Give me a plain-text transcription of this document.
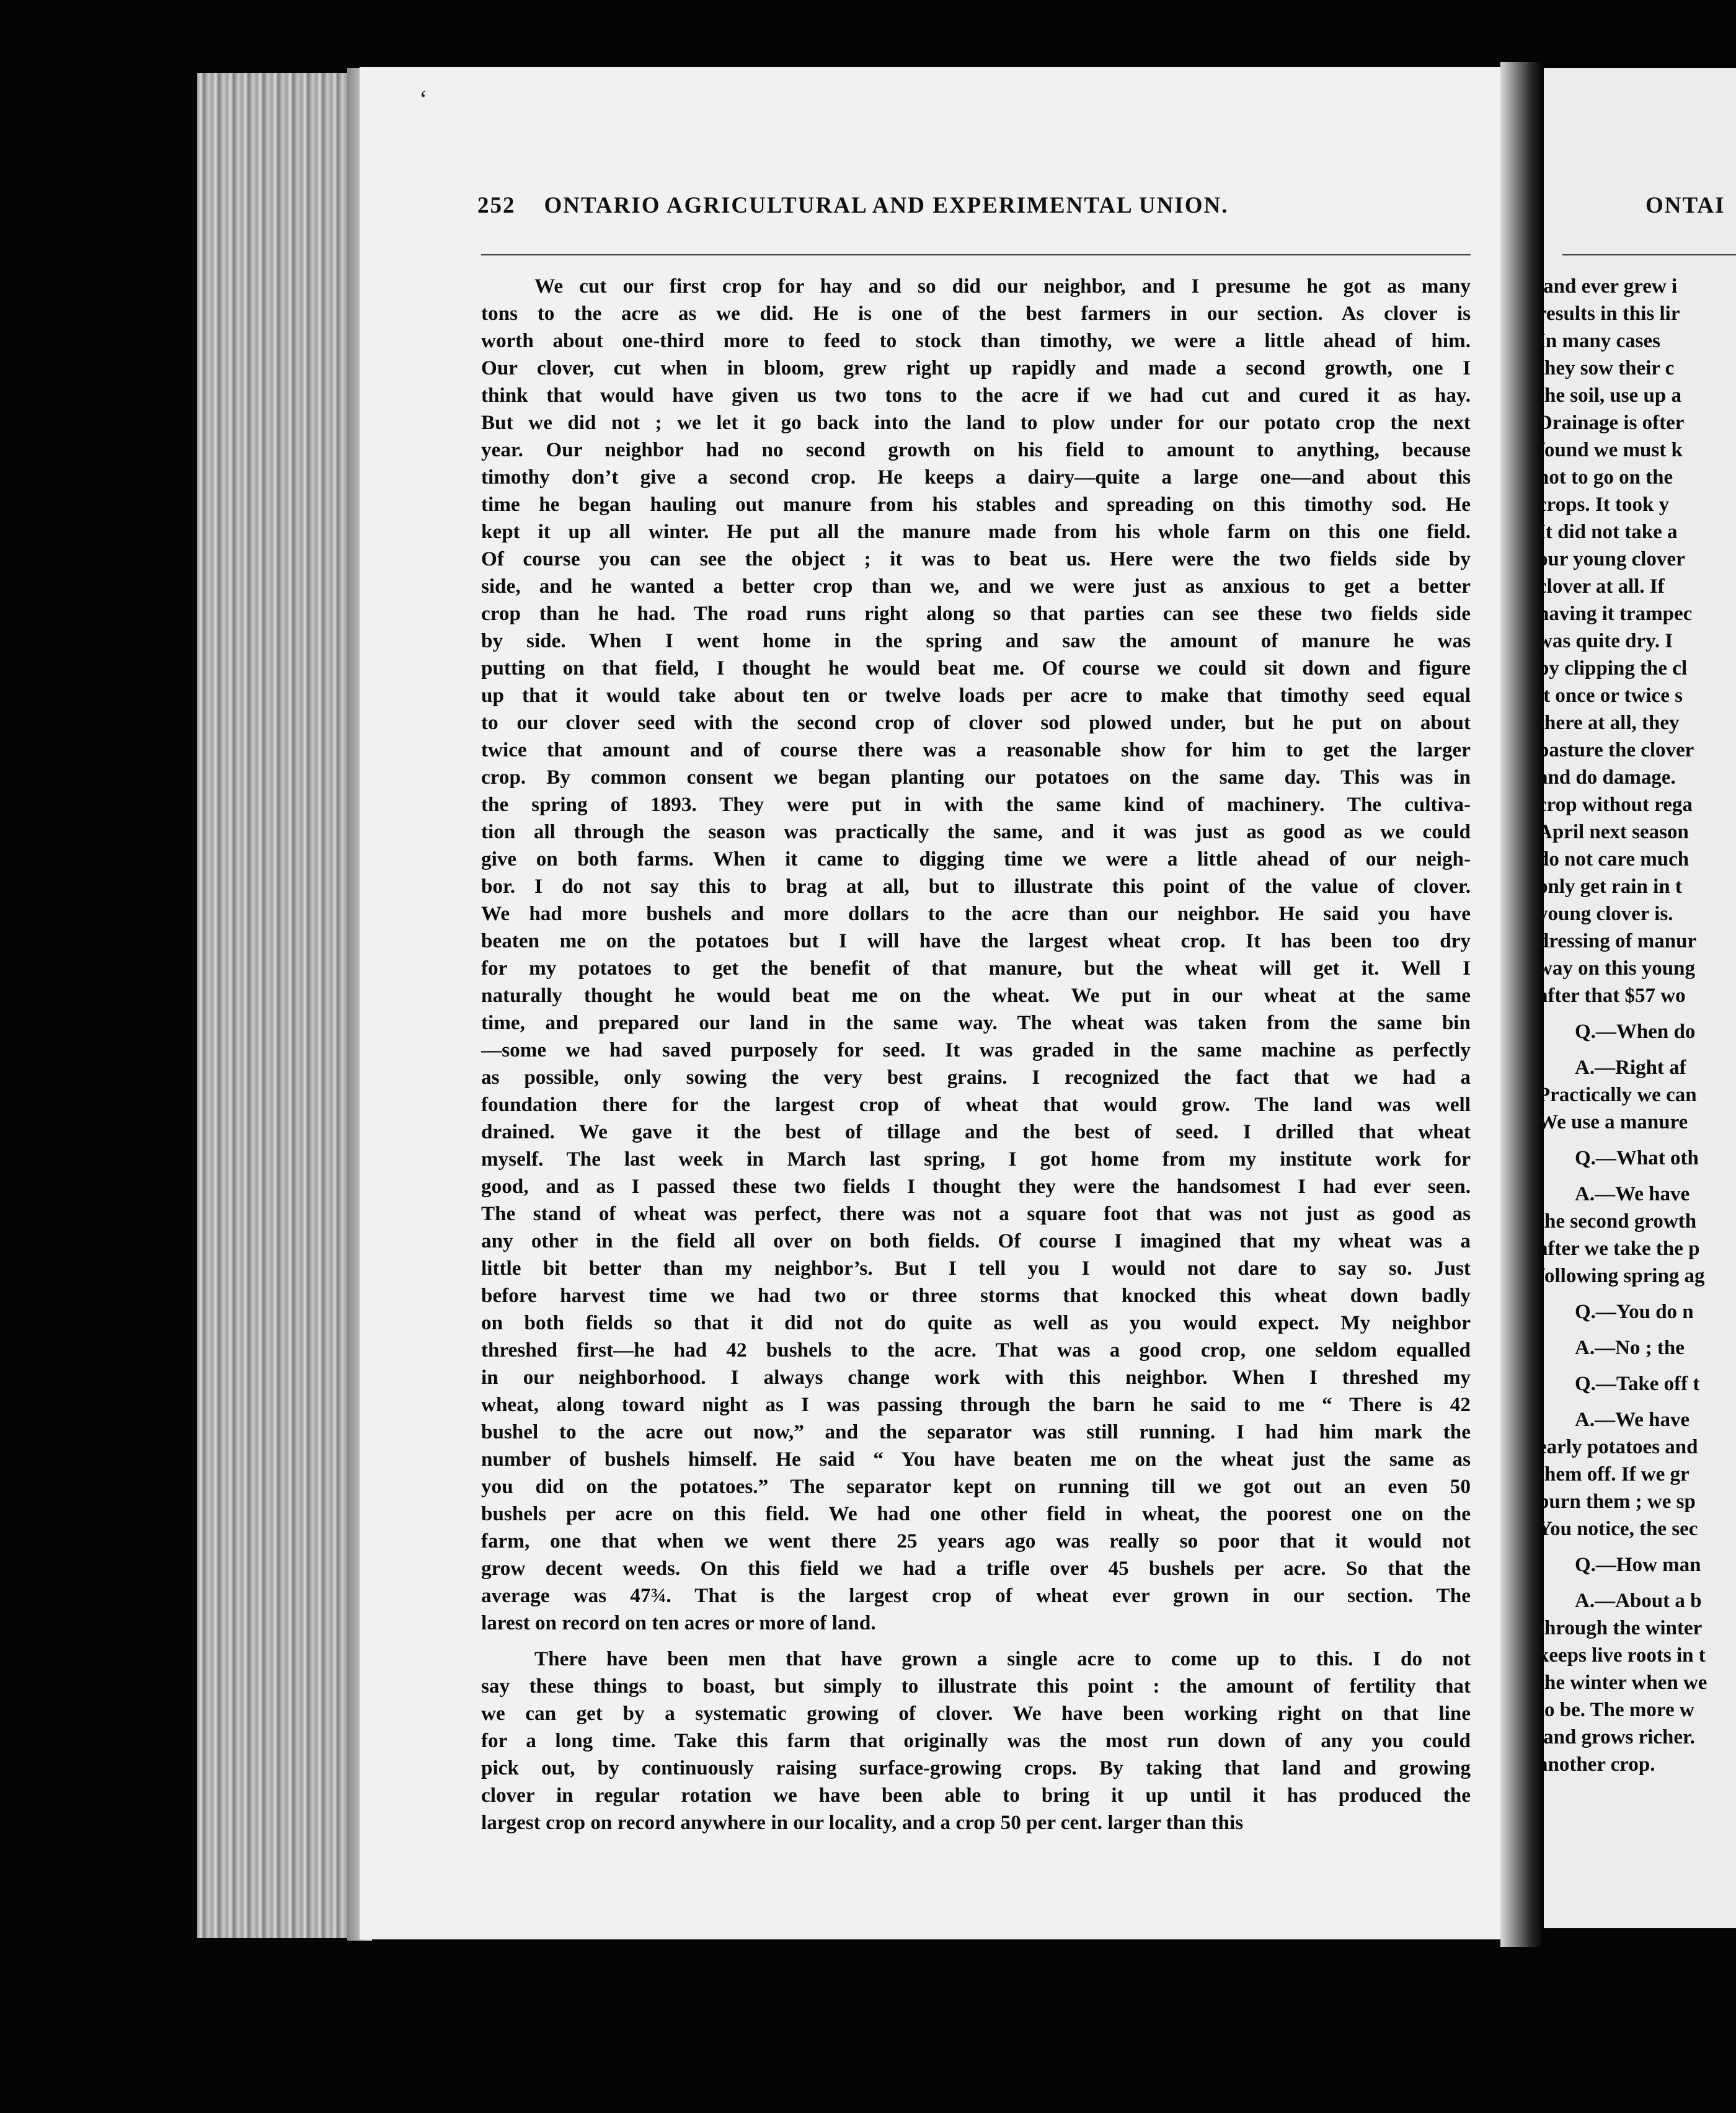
‘
252 ONTARIO AGRICULTURAL AND EXPERIMENTAL UNION.
We cut our first crop for hay and so did our neighbor, and I presume he got as many
tons to the acre as we did. He is one of the best farmers in our section. As clover is
worth about one-third more to feed to stock than timothy, we were a little ahead of him.
Our clover, cut when in bloom, grew right up rapidly and made a second growth, one I
think that would have given us two tons to the acre if we had cut and cured it as hay.
But we did not ; we let it go back into the land to plow under for our potato crop the next
year. Our neighbor had no second growth on his field to amount to anything, because
timothy don’t give a second crop. He keeps a dairy—quite a large one—and about this
time he began hauling out manure from his stables and spreading on this timothy sod. He
kept it up all winter. He put all the manure made from his whole farm on this one field.
Of course you can see the object ; it was to beat us. Here were the two fields side by
side, and he wanted a better crop than we, and we were just as anxious to get a better
crop than he had. The road runs right along so that parties can see these two fields side
by side. When I went home in the spring and saw the amount of manure he was
putting on that field, I thought he would beat me. Of course we could sit down and figure
up that it would take about ten or twelve loads per acre to make that timothy seed equal
to our clover seed with the second crop of clover sod plowed under, but he put on about
twice that amount and of course there was a reasonable show for him to get the larger
crop. By common consent we began planting our potatoes on the same day. This was in
the spring of 1893. They were put in with the same kind of machinery. The cultiva-
tion all through the season was practically the same, and it was just as good as we could
give on both farms. When it came to digging time we were a little ahead of our neigh-
bor. I do not say this to brag at all, but to illustrate this point of the value of clover.
We had more bushels and more dollars to the acre than our neighbor. He said you have
beaten me on the potatoes but I will have the largest wheat crop. It has been too dry
for my potatoes to get the benefit of that manure, but the wheat will get it. Well I
naturally thought he would beat me on the wheat. We put in our wheat at the same
time, and prepared our land in the same way. The wheat was taken from the same bin
—some we had saved purposely for seed. It was graded in the same machine as perfectly
as possible, only sowing the very best grains. I recognized the fact that we had a
foundation there for the largest crop of wheat that would grow. The land was well
drained. We gave it the best of tillage and the best of seed. I drilled that wheat
myself. The last week in March last spring, I got home from my institute work for
good, and as I passed these two fields I thought they were the handsomest I had ever seen.
The stand of wheat was perfect, there was not a square foot that was not just as good as
any other in the field all over on both fields. Of course I imagined that my wheat was a
little bit better than my neighbor’s. But I tell you I would not dare to say so. Just
before harvest time we had two or three storms that knocked this wheat down badly
on both fields so that it did not do quite as well as you would expect. My neighbor
threshed first—he had 42 bushels to the acre. That was a good crop, one seldom equalled
in our neighborhood. I always change work with this neighbor. When I threshed my
wheat, along toward night as I was passing through the barn he said to me “ There is 42
bushel to the acre out now,” and the separator was still running. I had him mark the
number of bushels himself. He said “ You have beaten me on the wheat just the same as
you did on the potatoes.” The separator kept on running till we got out an even 50
bushels per acre on this field. We had one other field in wheat, the poorest one on the
farm, one that when we went there 25 years ago was really so poor that it would not
grow decent weeds. On this field we had a trifle over 45 bushels per acre. So that the
average was 47¾. That is the largest crop of wheat ever grown in our section. The
larest on record on ten acres or more of land.
There have been men that have grown a single acre to come up to this. I do not
say these things to boast, but simply to illustrate this point : the amount of fertility that
we can get by a systematic growing of clover. We have been working right on that line
for a long time. Take this farm that originally was the most run down of any you could
pick out, by continuously raising surface-growing crops. By taking that land and growing
clover in regular rotation we have been able to bring it up until it has produced the
largest crop on record anywhere in our locality, and a crop 50 per cent. larger than this
ONTAI
land ever grew i
results in this lir
In many cases
they sow their c
the soil, use up a
Drainage is ofter
found we must k
not to go on the
crops. It took y
It did not take a
our young clover
clover at all. If
having it trampec
was quite dry. I
by clipping the cl
it once or twice s
there at all, they
pasture the clover
and do damage.
crop without rega
April next season
do not care much
only get rain in t
young clover is.
dressing of manur
way on this young
after that $57 wo
Q.—When do
A.—Right af
Practically we can
We use a manure
Q.—What oth
A.—We have
the second growth
after we take the p
following spring ag
Q.—You do n
A.—No ; the
Q.—Take off t
A.—We have
early potatoes and
them off. If we gr
burn them ; we sp
You notice, the sec
Q.—How man
A.—About a b
through the winter
keeps live roots in t
the winter when we
to be. The more w
land grows richer.
another crop.
